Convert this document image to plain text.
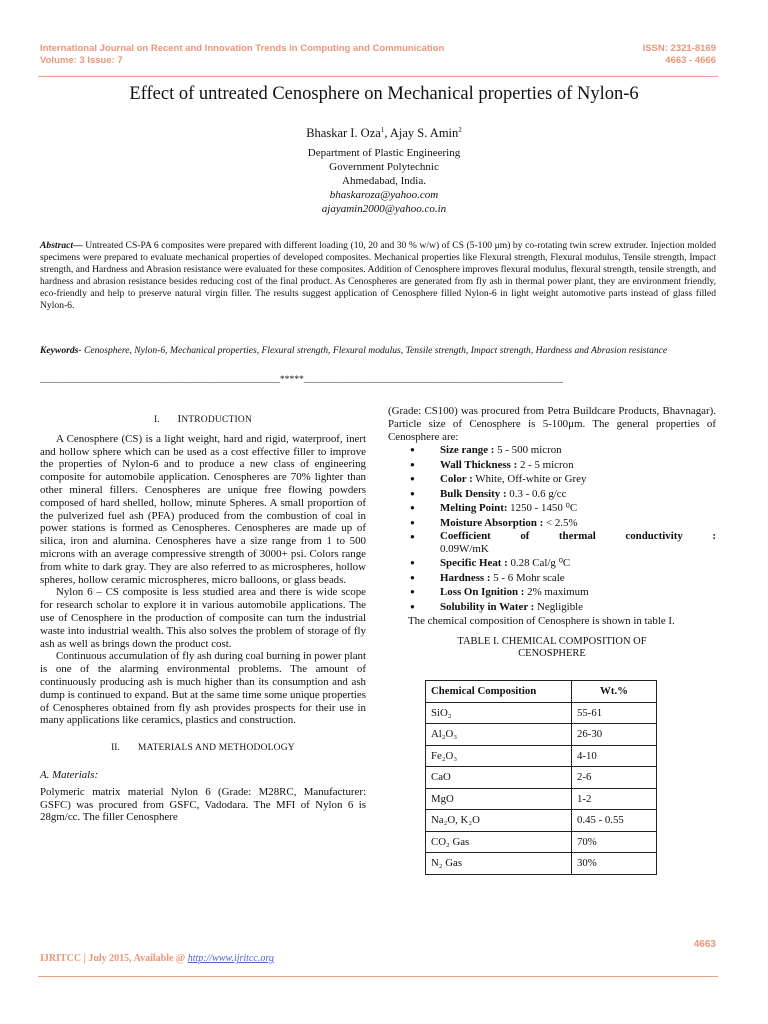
International Journal on Recent and Innovation Trends in Computing and Communication
Volume: 3 Issue: 7
ISSN: 2321-8169
4663 - 4666
Effect of untreated Cenosphere on Mechanical properties of Nylon-6
Bhaskar I. Oza$^1$, Ajay S. Amin$^2$
Department of Plastic Engineering
Government Polytechnic
Ahmedabad, India.
bhaskaroza@yahoo.com
ajayamin2000@yahoo.co.in
Abstract— Untreated CS-PA 6 composites were prepared with different loading (10, 20 and 30 % w/w) of CS (5-100 μm) by co-rotating twin screw extruder. Injection molded specimens were prepared to evaluate mechanical properties of developed composites. Mechanical properties like Flexural strength, Flexural modulus, Tensile strength, Impact strength, and Hardness and Abrasion resistance were evaluated for these composites. Addition of Cenosphere improves flexural modulus, flexural strength, tensile strength, and hardness and abrasion resistance besides reducing cost of the final product. As Cenospheres are generated from fly ash in thermal power plant, they are environment friendly, eco-friendly and help to preserve natural virgin filler. The results suggest application of Cenosphere filled Nylon-6 in light weight automotive parts instead of glass filled Nylon-6.
Keywords- Cenosphere, Nylon-6, Mechanical properties, Flexural strength, Flexural modulus, Tensile strength, Impact strength, Hardness and Abrasion resistance
__________________________________________________*****______________________________________________________
I. INTRODUCTION

A Cenosphere (CS) is a light weight, hard and rigid, waterproof, inert and hollow sphere which can be used as a cost effective filler to improve the properties of Nylon-6 and to produce a new class of engineering composite for automobile application. Cenospheres are 70% lighter than other mineral fillers. Cenospheres are unique free flowing powders composed of hard shelled, hollow, minute Spheres. A small proportion of the pulverized fuel ash (PFA) produced from the combustion of coal in power stations is formed as Cenospheres. Cenospheres are made up of silica, iron and alumina. Cenospheres have a size range from 1 to 500 microns with an average compressive strength of 3000+ psi. Colors range from white to dark gray. They are also referred to as microspheres, hollow spheres, hollow ceramic microspheres, micro balloons, or glass beads.

Nylon 6 – CS composite is less studied area and there is wide scope for research scholar to explore it in various automobile applications. The use of Cenosphere in the production of composite can turn the industrial waste into industrial wealth. This also solves the problem of storage of fly ash as well as brings down the product cost.

Continuous accumulation of fly ash during coal burning in power plant is one of the alarming environmental problems. The amount of continuously producing ash is much higher than its consumption and ash dump is continued to expand. But at the same time some unique properties of Cenospheres obtained from fly ash provides prospects for their use in many applications like ceramics, plastics and construction.

II. MATERIALS AND METHODOLOGY
A. Materials:
Polymeric matrix material Nylon 6 (Grade: M28RC, Manufacturer: GSFC) was procured from GSFC, Vadodara. The MFI of Nylon 6 is 28gm/cc. The filler Cenosphere
(Grade: CS100) was procured from Petra Buildcare Products, Bhavnagar). Particle size of Cenosphere is 5-100μm. The general properties of Cenosphere are:
● Size range : 5 - 500 micron
● Wall Thickness : 2 - 5 micron
● Color : White, Off-white or Grey
● Bulk Density : 0.3 - 0.6 g/cc
● Melting Point: 1250 - 1450 ⁰C
● Moisture Absorption : < 2.5%
● Coefficient of thermal conductivity :
0.09W/mK
● Specific Heat : 0.28 Cal/g ⁰C
● Hardness : 5 - 6 Mohr scale
● Loss On Ignition : 2% maximum
● Solubility in Water : Negligible

The chemical composition of Cenosphere is shown in table I.

TABLE I. CHEMICAL COMPOSITION OF
CENOSPHERE
Chemical Composition	Wt.%
SiO₂	55-61
Al₂O₃	26-30
Fe₂O₃	4-10
CaO	2-6
MgO	1-2
Na₂O, K₂O	0.45 - 0.55
CO₂ Gas	70%
N₂ Gas	30%
4663
IJRITCC | July 2015, Available @ http://www.ijritcc.org
